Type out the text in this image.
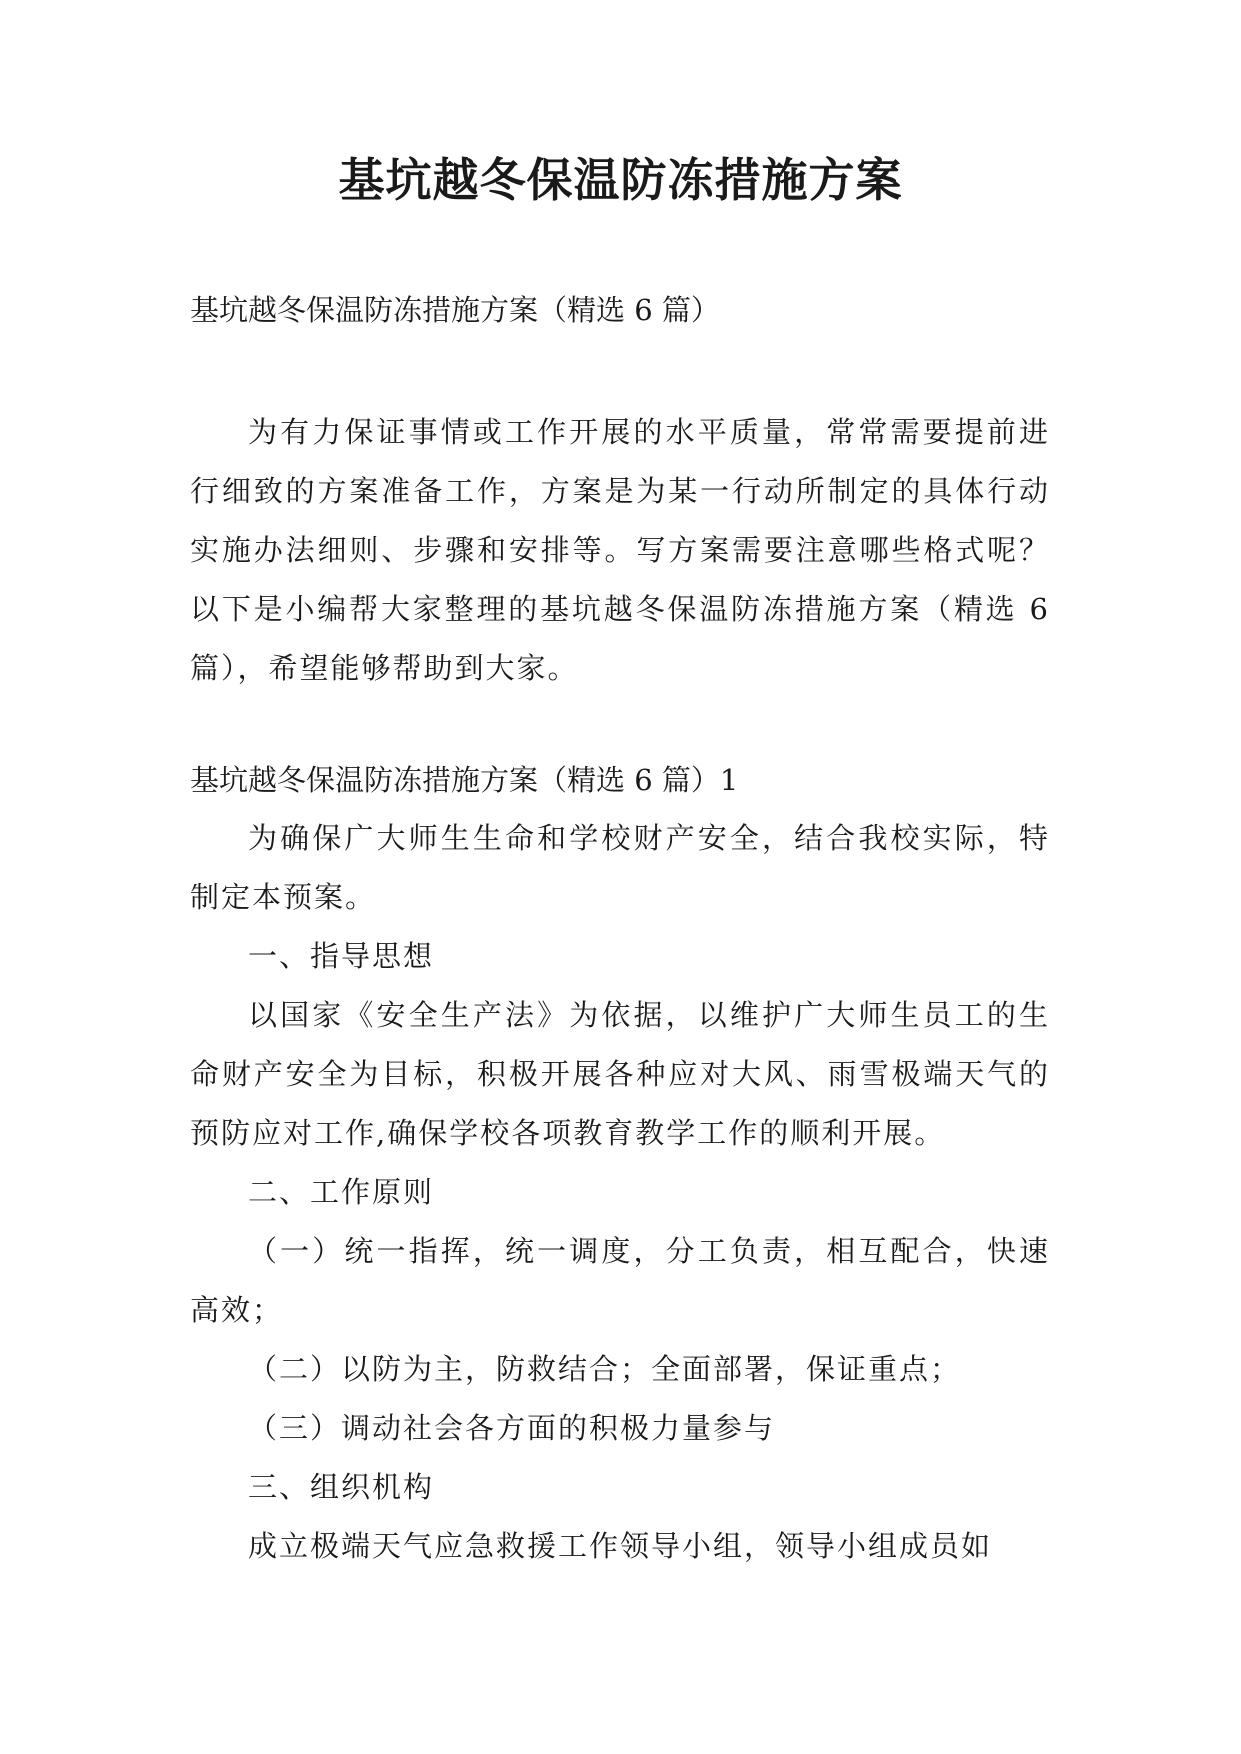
基坑越冬保温防冻措施方案
基坑越冬保温防冻措施方案（精选 6 篇）
为有力保证事情或工作开展的水平质量，常常需要提前进行细致的方案准备工作，方案是为某一行动所制定的具体行动实施办法细则、步骤和安排等。写方案需要注意哪些格式呢？以下是小编帮大家整理的基坑越冬保温防冻措施方案（精选 6 篇），希望能够帮助到大家。
基坑越冬保温防冻措施方案（精选 6 篇）1

为确保广大师生生命和学校财产安全，结合我校实际，特制定本预案。

一、指导思想

以国家《安全生产法》为依据，以维护广大师生员工的生命财产安全为目标，积极开展各种应对大风、雨雪极端天气的预防应对工作,确保学校各项教育教学工作的顺利开展。

二、工作原则

（一）统一指挥，统一调度，分工负责，相互配合，快速高效；

（二）以防为主，防救结合；全面部署，保证重点；

（三）调动社会各方面的积极力量参与

三、组织机构

成立极端天气应急救援工作领导小组，领导小组成员如
